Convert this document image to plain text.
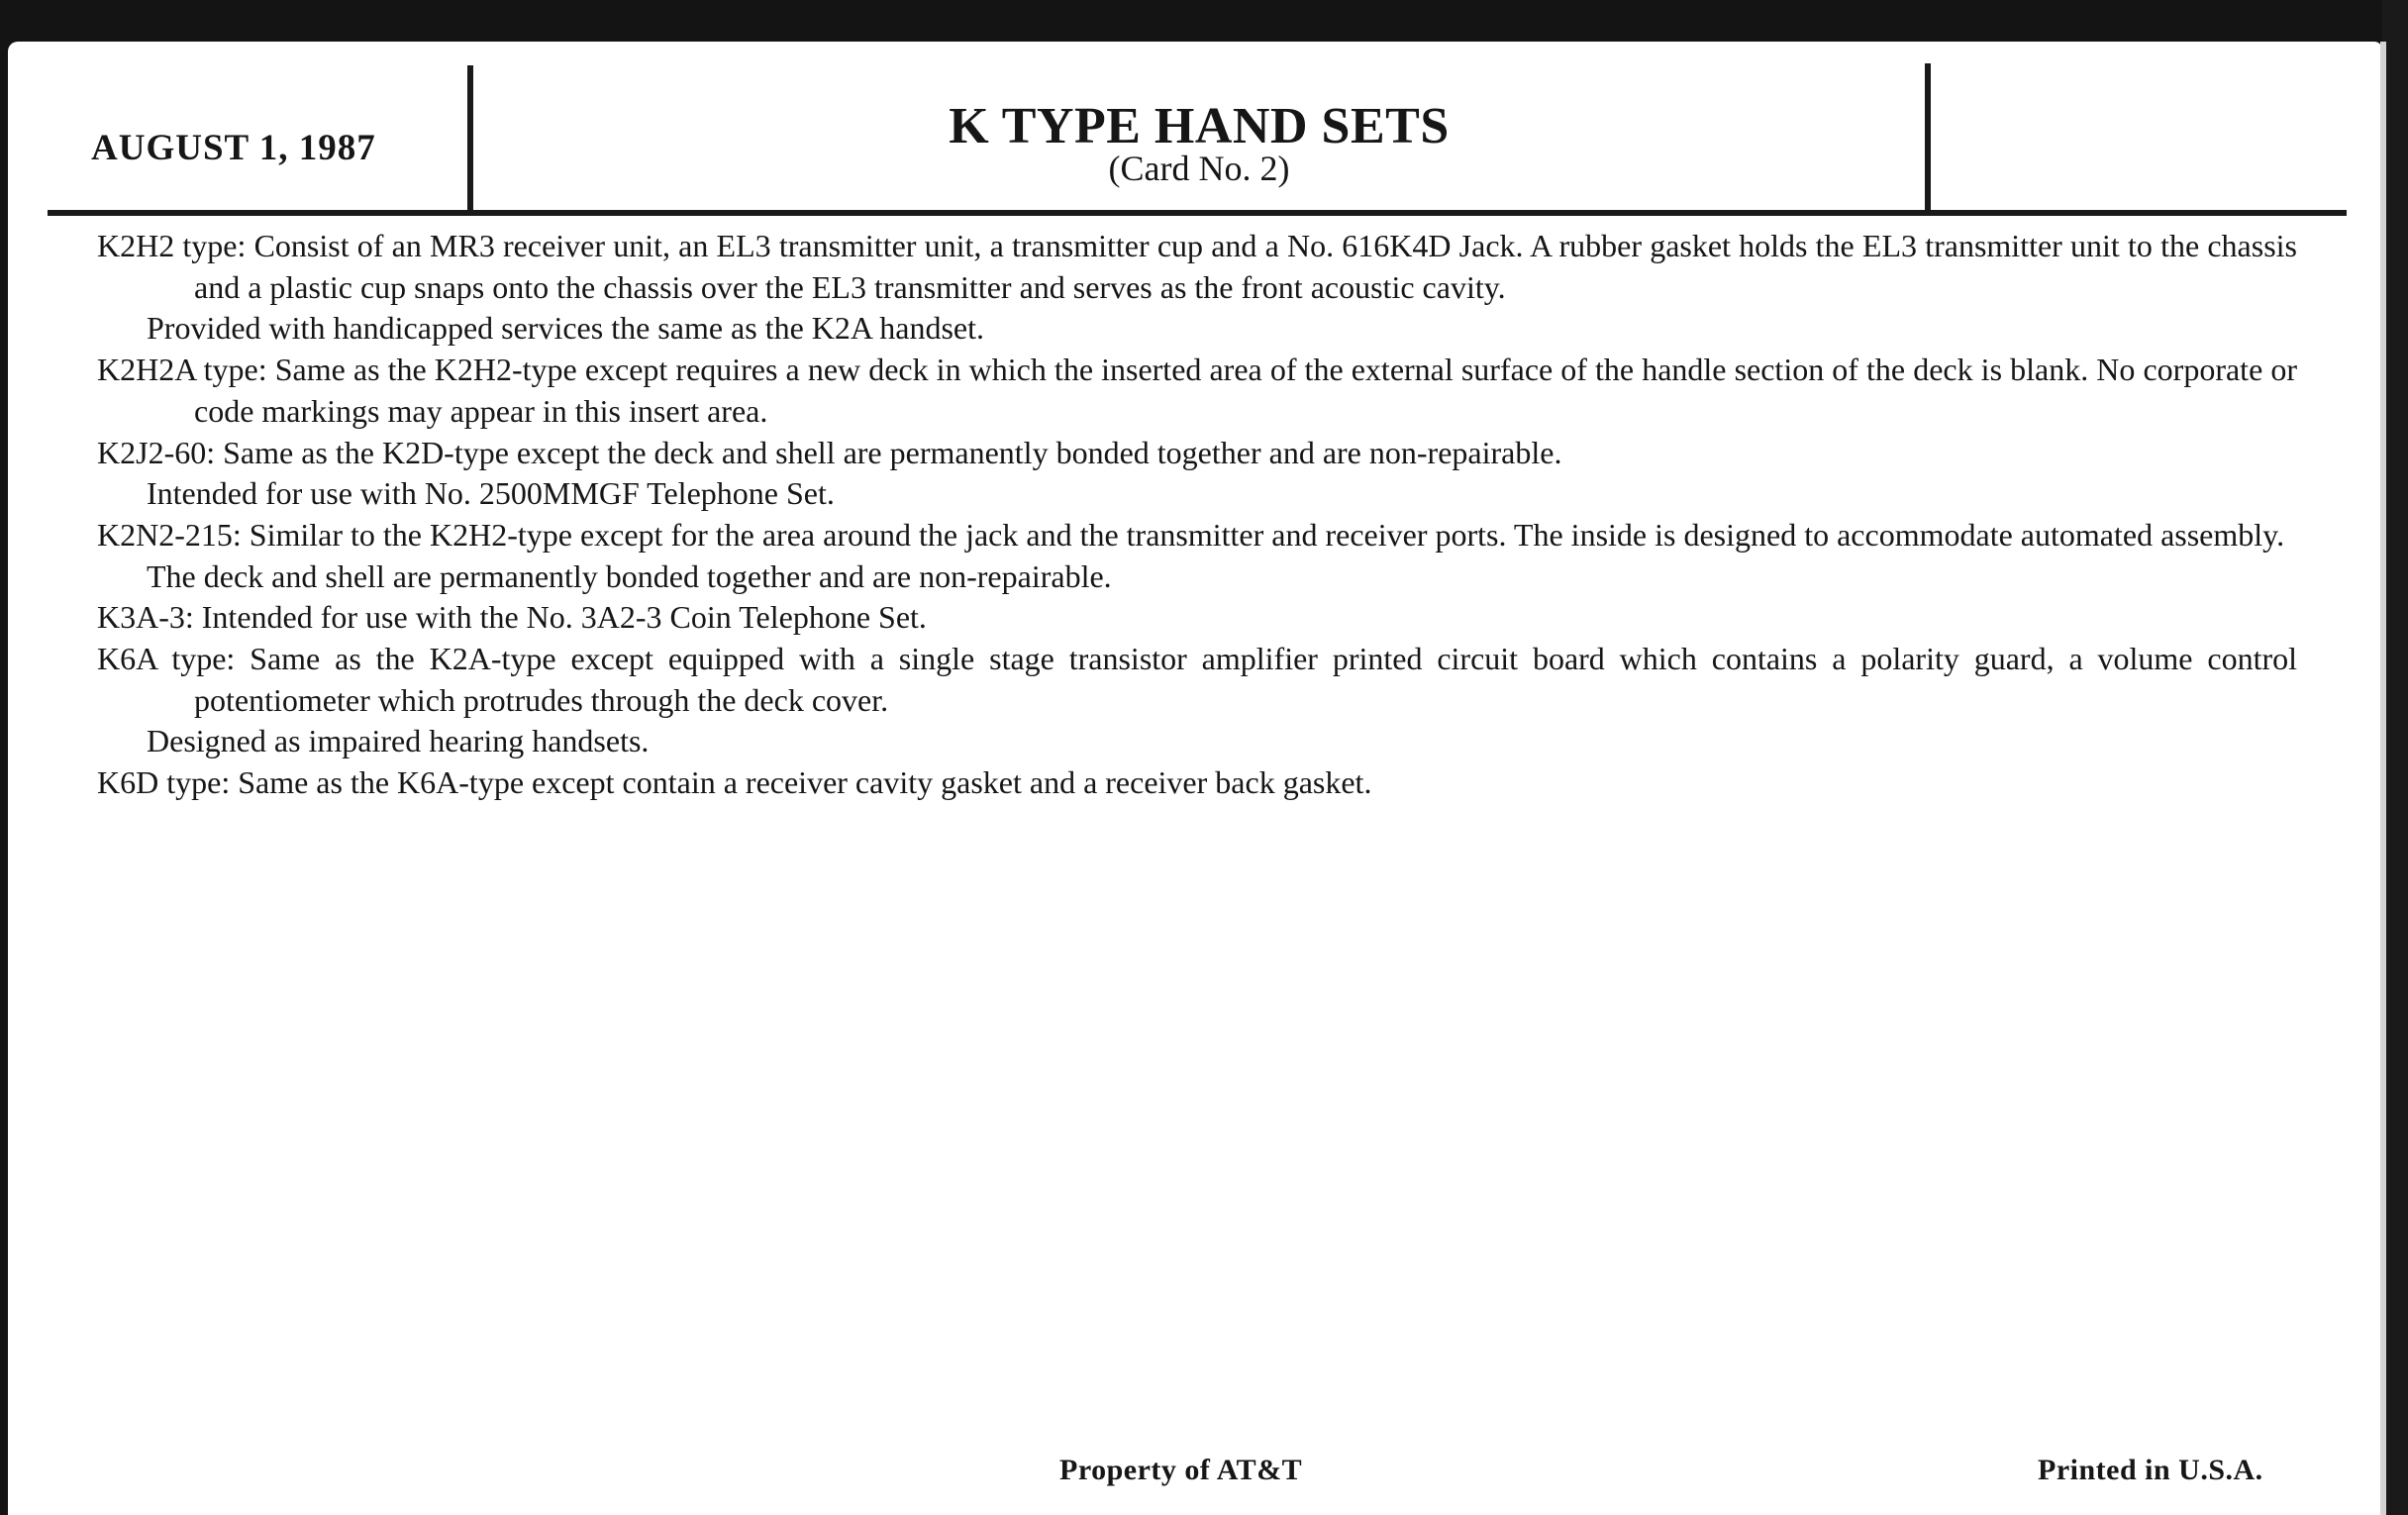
AUGUST 1, 1987	K TYPE HAND SETS
(Card No. 2)

K2H2 type: Consist of an MR3 receiver unit, an EL3 transmitter unit, a transmitter cup and a No. 616K4D Jack. A rubber gasket holds the EL3 transmitter unit to the chassis and a plastic cup snaps onto the chassis over the EL3 transmitter and serves as the front acoustic cavity.

Provided with handicapped services the same as the K2A handset.

K2H2A type: Same as the K2H2-type except requires a new deck in which the inserted area of the external surface of the handle section of the deck is blank. No corporate or code markings may appear in this insert area.

K2J2-60: Same as the K2D-type except the deck and shell are permanently bonded together and are non-repairable.

Intended for use with No. 2500MMGF Telephone Set.

K2N2-215: Similar to the K2H2-type except for the area around the jack and the transmitter and receiver ports. The inside is designed to accommodate automated assembly.

The deck and shell are permanently bonded together and are non-repairable.

K3A-3: Intended for use with the No. 3A2-3 Coin Telephone Set.

K6A type: Same as the K2A-type except equipped with a single stage transistor amplifier printed circuit board which contains a polarity guard, a volume control potentiometer which protrudes through the deck cover.

Designed as impaired hearing handsets.

K6D type: Same as the K6A-type except contain a receiver cavity gasket and a receiver back gasket.

Property of AT&T	Printed in U.S.A.
